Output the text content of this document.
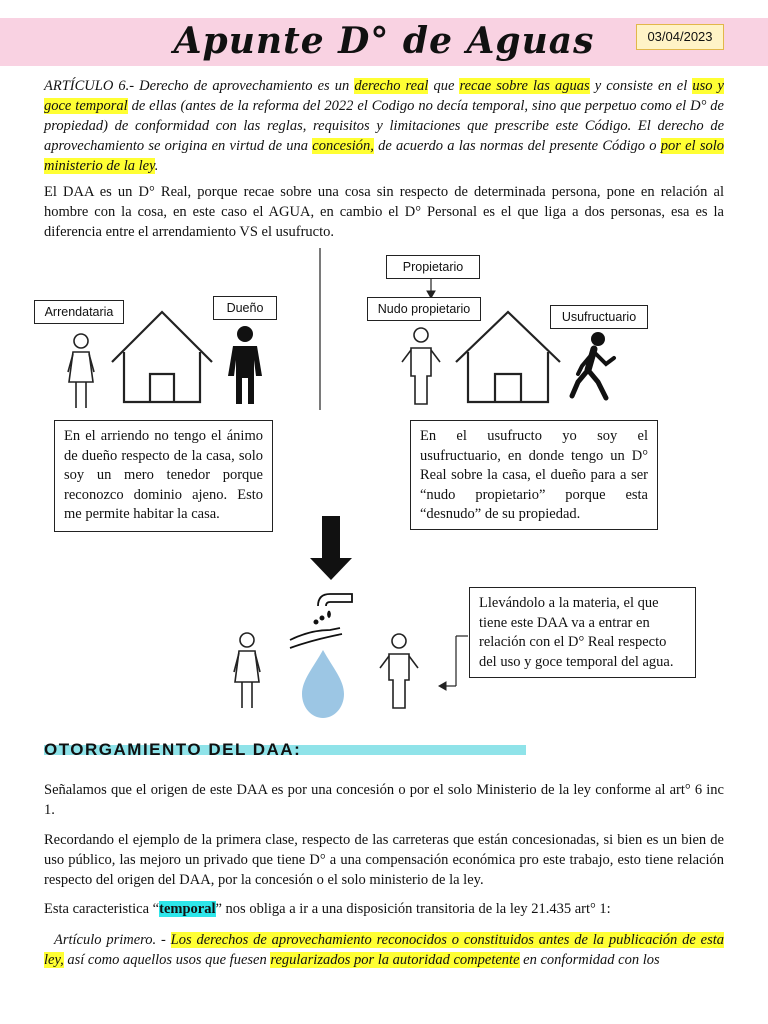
Apunte D° de Aguas	03/04/2023
ARTÍCULO 6.- Derecho de aprovechamiento es un derecho real que recae sobre las aguas y consiste en el uso y goce temporal de ellas (antes de la reforma del 2022 el Codigo no decía temporal, sino que perpetuo como el D° de propiedad) de conformidad con las reglas, requisitos y limitaciones que prescribe este Código. El derecho de aprovechamiento se origina en virtud de una concesión, de acuerdo a las normas del presente Código o por el solo ministerio de la ley.
El DAA es un D° Real, porque recae sobre una cosa sin respecto de determinada persona, pone en relación al hombre con la cosa, en este caso el AGUA, en cambio el D° Personal es el que liga a dos personas, esa es la diferencia entre el arrendamiento VS el usufructo.
Arrendataria	Dueño
Propietario
Nudo propietario
Usufructuario
En el arriendo no tengo el ánimo de dueño respecto de la casa, solo soy un mero tenedor porque reconozco dominio ajeno. Esto me permite habitar la casa.
En el usufructo yo soy el usufructuario, en donde tengo un D° Real sobre la casa, el dueño para a ser “nudo propietario” porque esta “desnudo” de su propiedad.
Llevándolo a la materia, el que tiene este DAA va a entrar en relación con el D° Real respecto del uso y goce temporal del agua.
OTORGAMIENTO DEL DAA:
Señalamos que el origen de este DAA es por una concesión o por el solo Ministerio de la ley conforme al art° 6 inc 1.
Recordando el ejemplo de la primera clase, respecto de las carreteras que están concesionadas, si bien es un bien de uso público, las mejoro un privado que tiene D° a una compensación económica pro este trabajo, esto tiene relación respecto del origen del DAA, por la concesión o el solo ministerio de la ley.
Esta caracteristica “temporal” nos obliga a ir a una disposición transitoria de la ley 21.435 art° 1:
Artículo primero. - Los derechos de aprovechamiento reconocidos o constituidos antes de la publicación de esta ley, así como aquellos usos que fuesen regularizados por la autoridad competente en conformidad con los
